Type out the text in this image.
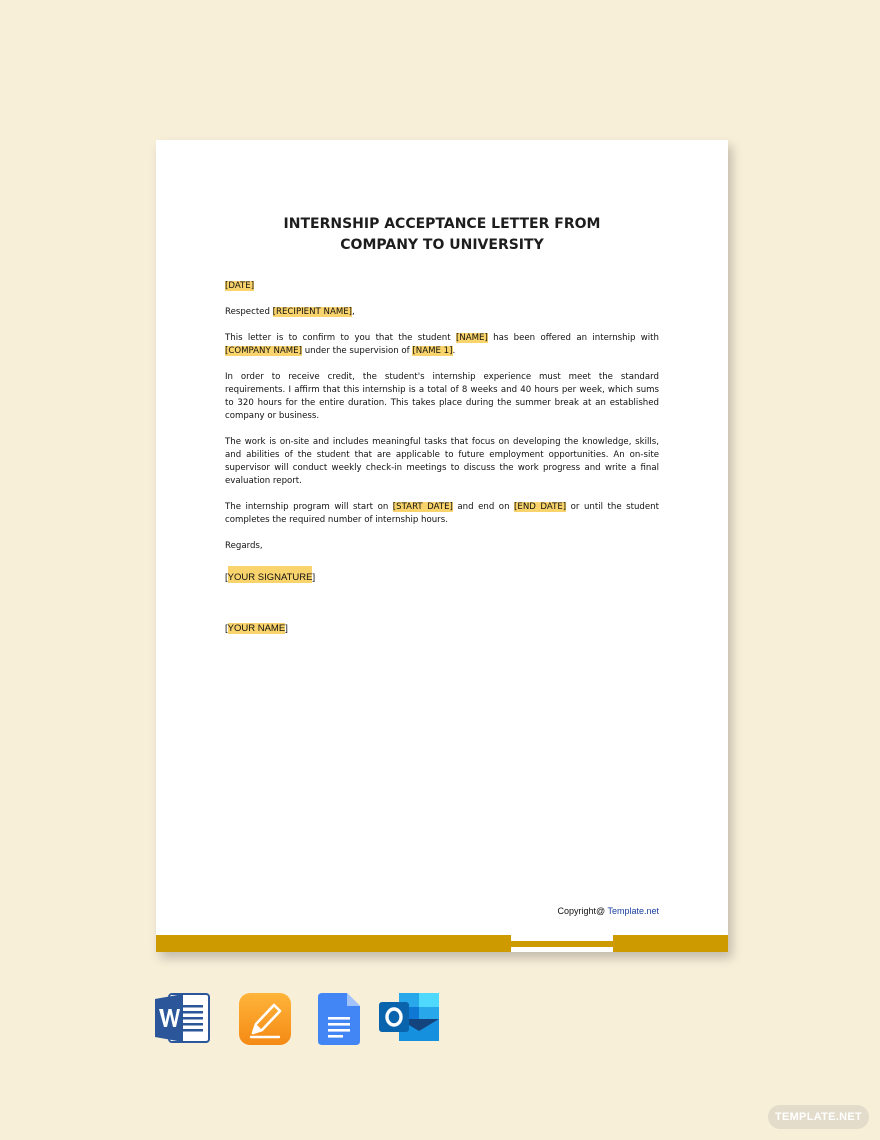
INTERNSHIP ACCEPTANCE LETTER FROM
COMPANY TO UNIVERSITY

[DATE]

Respected [RECIPIENT NAME],

This letter is to confirm to you that the student [NAME] has been offered an internship with [COMPANY NAME] under the supervision of [NAME 1].

In order to receive credit, the student's internship experience must meet the standard requirements. I affirm that this internship is a total of 8 weeks and 40 hours per week, which sums to 320 hours for the entire duration. This takes place during the summer break at an established company or business.

The work is on-site and includes meaningful tasks that focus on developing the knowledge, skills, and abilities of the student that are applicable to future employment opportunities. An on-site supervisor will conduct weekly check-in meetings to discuss the work progress and write a final evaluation report.

The internship program will start on [START DATE] and end on [END DATE] or until the student completes the required number of internship hours.

Regards,

[YOUR SIGNATURE]
[YOUR NAME]
Copyright@ Template.net
TEMPLATE.NET
